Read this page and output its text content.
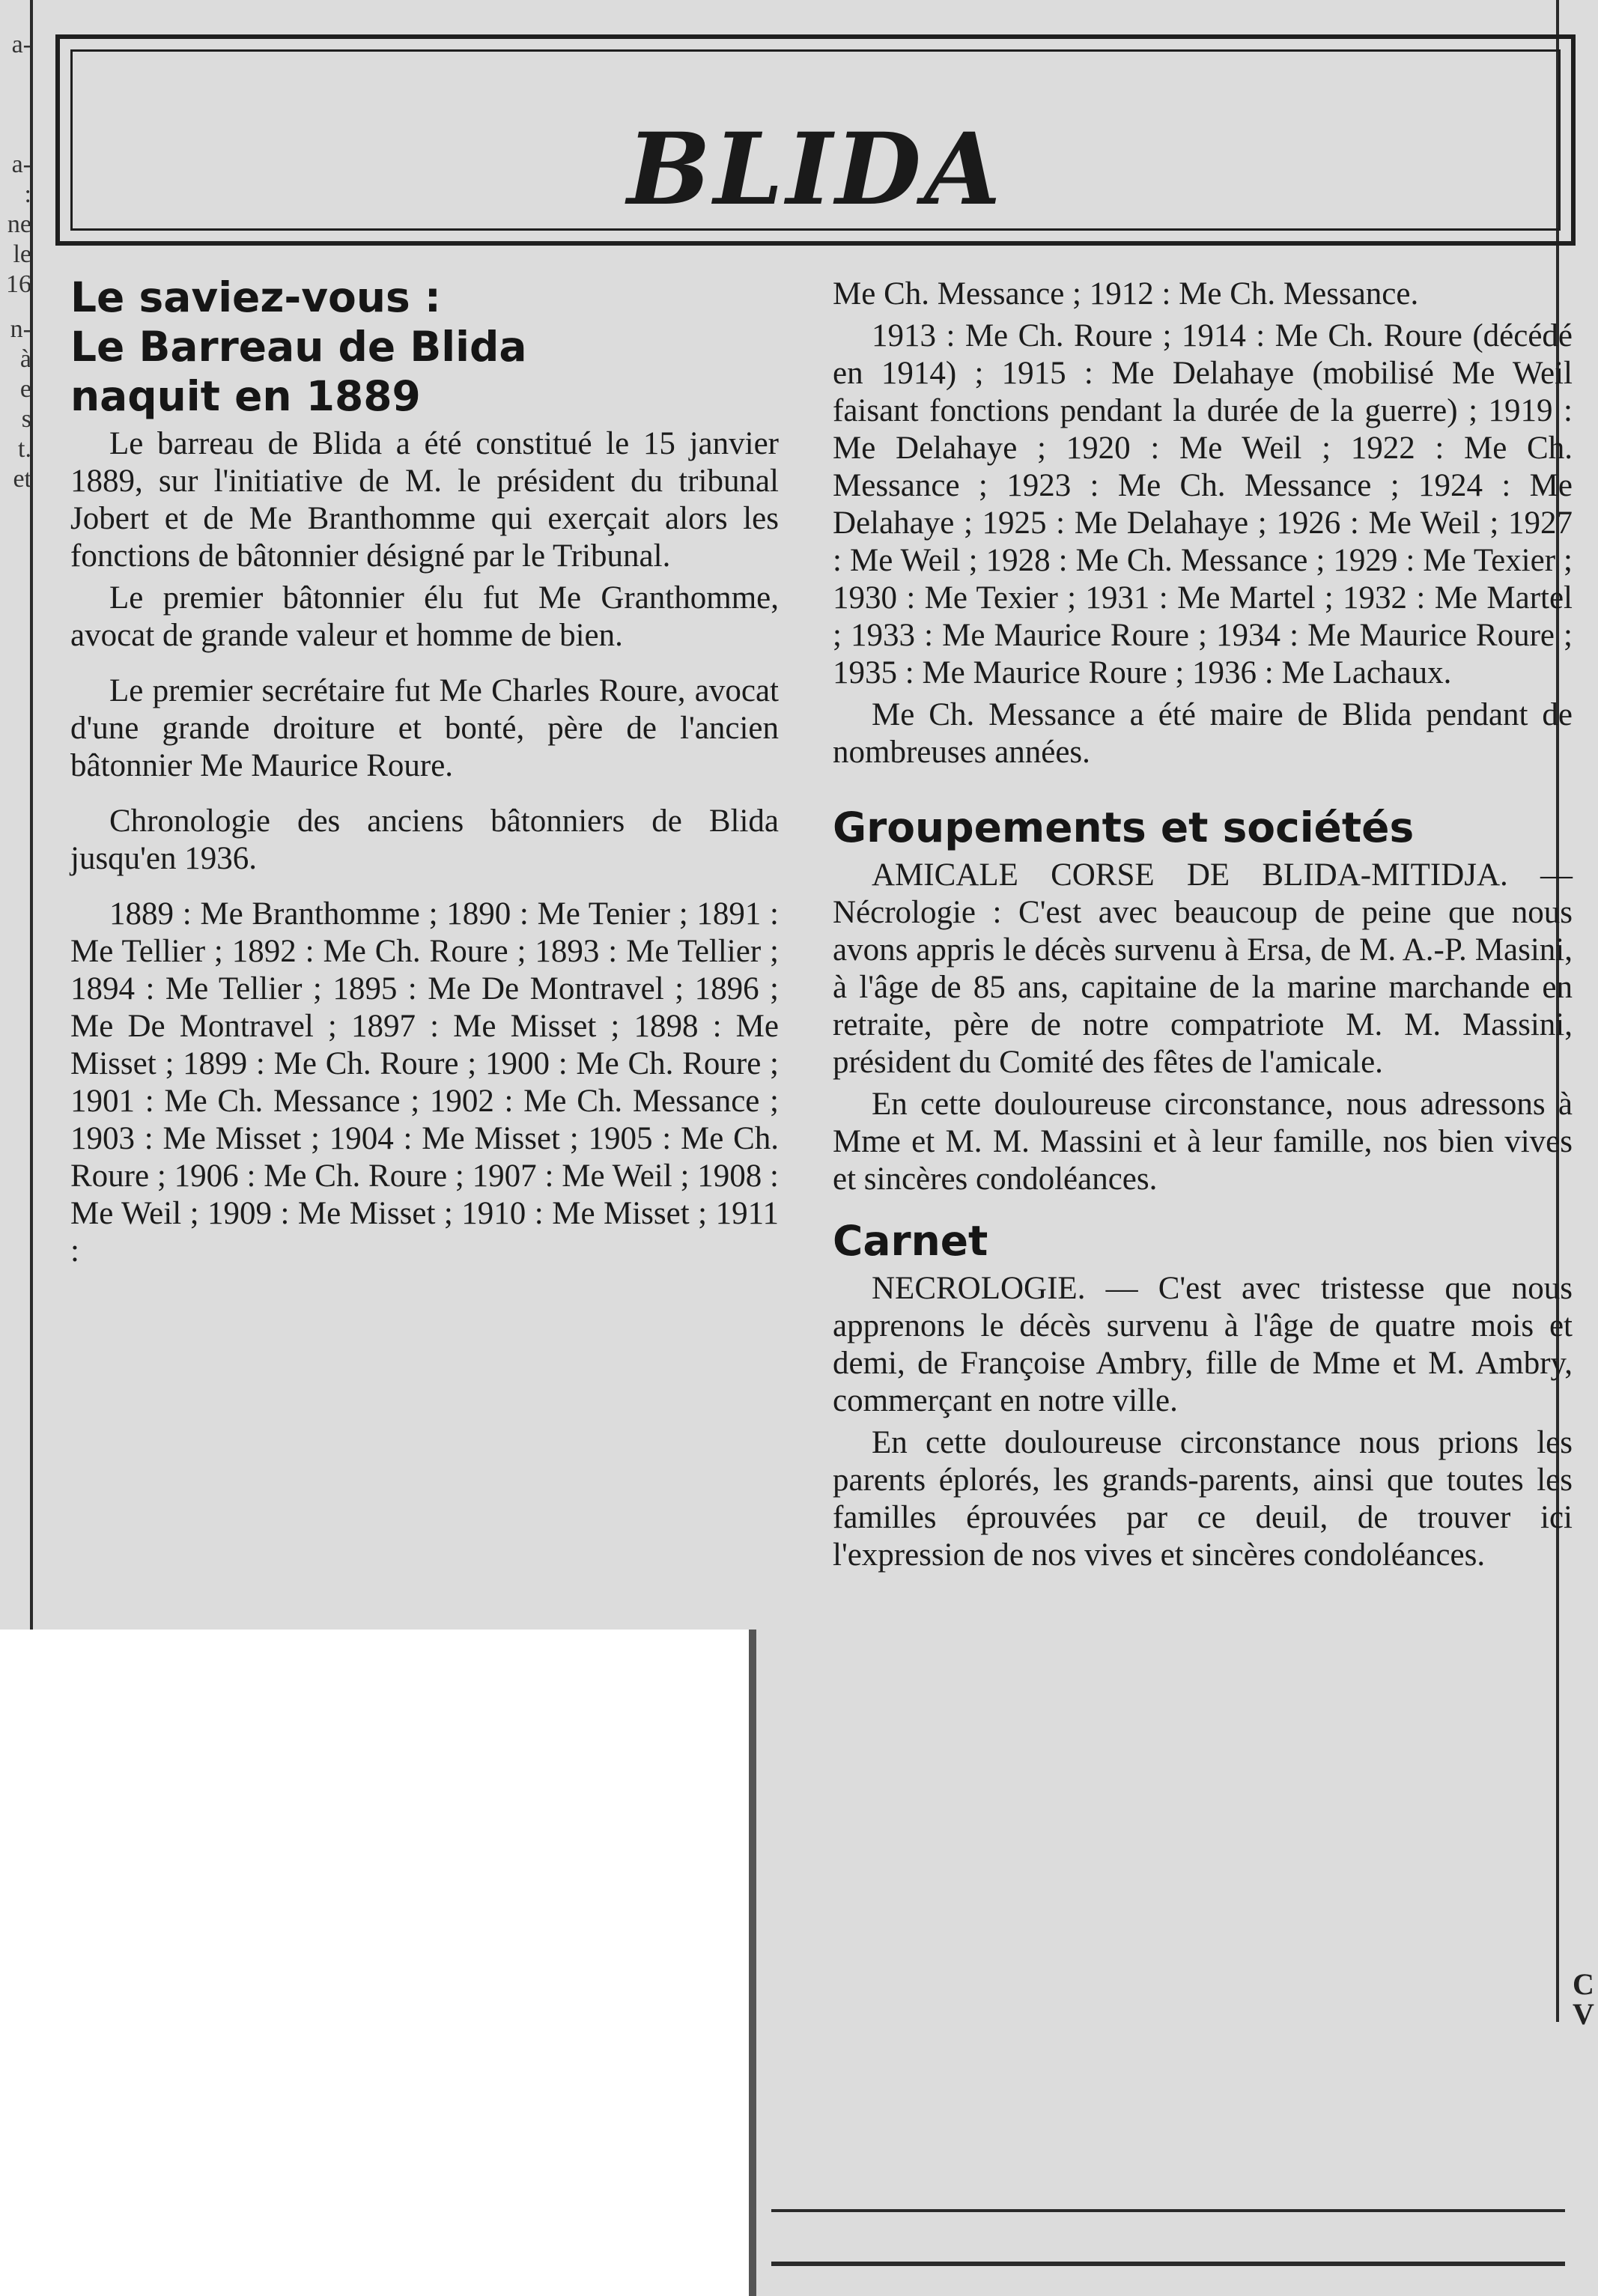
a-
a-
:
ne
le
16
n-
à
e
s
t.
et
C
V
BLIDA
Le saviez-vous :
Le Barreau de Blida
naquit en 1889

Le barreau de Blida a été constitué le 15 janvier 1889, sur l'initiative de M. le président du tribunal Jobert et de Me Branthomme qui exerçait alors les fonctions de bâtonnier désigné par le Tribunal.

Le premier bâtonnier élu fut Me Granthomme, avocat de grande valeur et homme de bien.

Le premier secrétaire fut Me Charles Roure, avocat d'une grande droiture et bonté, père de l'ancien bâtonnier Me Maurice Roure.

Chronologie des anciens bâtonniers de Blida jusqu'en 1936.

1889 : Me Branthomme ; 1890 : Me Tenier ; 1891 : Me Tellier ; 1892 : Me Ch. Roure ; 1893 : Me Tellier ; 1894 : Me Tellier ; 1895 : Me De Montravel ; 1896 ; Me De Montravel ; 1897 : Me Misset ; 1898 : Me Misset ; 1899 : Me Ch. Roure ; 1900 : Me Ch. Roure ; 1901 : Me Ch. Messance ; 1902 : Me Ch. Messance ; 1903 : Me Misset ; 1904 : Me Misset ; 1905 : Me Ch. Roure ; 1906 : Me Ch. Roure ; 1907 : Me Weil ; 1908 : Me Weil ; 1909 : Me Misset ; 1910 : Me Misset ; 1911 :

Me Ch. Messance ; 1912 : Me Ch. Messance.

1913 : Me Ch. Roure ; 1914 : Me Ch. Roure (décédé en 1914) ; 1915 : Me Delahaye (mobilisé Me Weil faisant fonctions pendant la durée de la guerre) ; 1919 : Me Delahaye ; 1920 : Me Weil ; 1922 : Me Ch. Messance ; 1923 : Me Ch. Messance ; 1924 : Me Delahaye ; 1925 : Me Delahaye ; 1926 : Me Weil ; 1927 : Me Weil ; 1928 : Me Ch. Messance ; 1929 : Me Texier ; 1930 : Me Texier ; 1931 : Me Martel ; 1932 : Me Martel ; 1933 : Me Maurice Roure ; 1934 : Me Maurice Roure ; 1935 : Me Maurice Roure ; 1936 : Me Lachaux.

Me Ch. Messance a été maire de Blida pendant de nombreuses années.

Groupements et sociétés

AMICALE CORSE DE BLIDA-MITIDJA. — Nécrologie : C'est avec beaucoup de peine que nous avons appris le décès survenu à Ersa, de M. A.-P. Masini, à l'âge de 85 ans, capitaine de la marine marchande en retraite, père de notre compatriote M. M. Massini, président du Comité des fêtes de l'amicale.

En cette douloureuse circonstance, nous adressons à Mme et M. M. Massini et à leur famille, nos bien vives et sincères condoléances.

Carnet

NECROLOGIE. — C'est avec tristesse que nous apprenons le décès survenu à l'âge de quatre mois et demi, de Françoise Ambry, fille de Mme et M. Ambry, commerçant en notre ville.

En cette douloureuse circonstance nous prions les parents éplorés, les grands-parents, ainsi que toutes les familles éprouvées par ce deuil, de trouver ici l'expression de nos vives et sincères condoléances.
